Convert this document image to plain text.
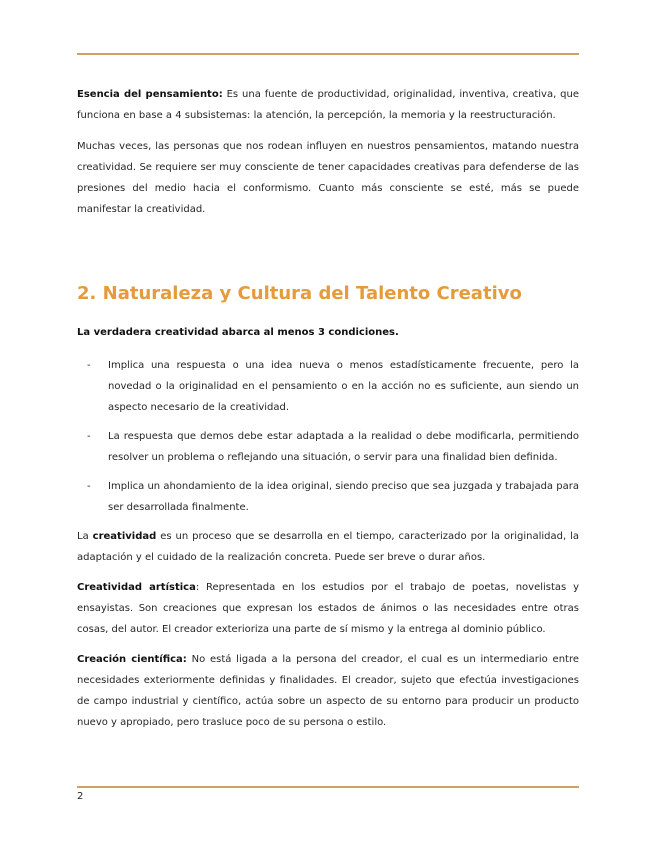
Esencia del pensamiento: Es una fuente de productividad, originalidad, inventiva, creativa, que funciona en base a 4 subsistemas: la atención, la percepción, la memoria y la reestructuración.

Muchas veces, las personas que nos rodean influyen en nuestros pensamientos, matando nuestra creatividad. Se requiere ser muy consciente de tener capacidades creativas para defenderse de las presiones del medio hacia el conformismo. Cuanto más consciente se esté, más se puede manifestar la creatividad.

2. Naturaleza y Cultura del Talento Creativo

La verdadera creatividad abarca al menos 3 condiciones.

- Implica una respuesta o una idea nueva o menos estadísticamente frecuente, pero la novedad o la originalidad en el pensamiento o en la acción no es suficiente, aun siendo un aspecto necesario de la creatividad.

- La respuesta que demos debe estar adaptada a la realidad o debe modificarla, permitiendo resolver un problema o reflejando una situación, o servir para una finalidad bien definida.

- Implica un ahondamiento de la idea original, siendo preciso que sea juzgada y trabajada para ser desarrollada finalmente.

La creatividad es un proceso que se desarrolla en el tiempo, caracterizado por la originalidad, la adaptación y el cuidado de la realización concreta. Puede ser breve o durar años.

Creatividad artística: Representada en los estudios por el trabajo de poetas, novelistas y ensayistas. Son creaciones que expresan los estados de ánimos o las necesidades entre otras cosas, del autor. El creador exterioriza una parte de sí mismo y la entrega al dominio público.

Creación científica: No está ligada a la persona del creador, el cual es un intermediario entre necesidades exteriormente definidas y finalidades. El creador, sujeto que efectúa investigaciones de campo industrial y científico, actúa sobre un aspecto de su entorno para producir un producto nuevo y apropiado, pero trasluce poco de su persona o estilo.

2
